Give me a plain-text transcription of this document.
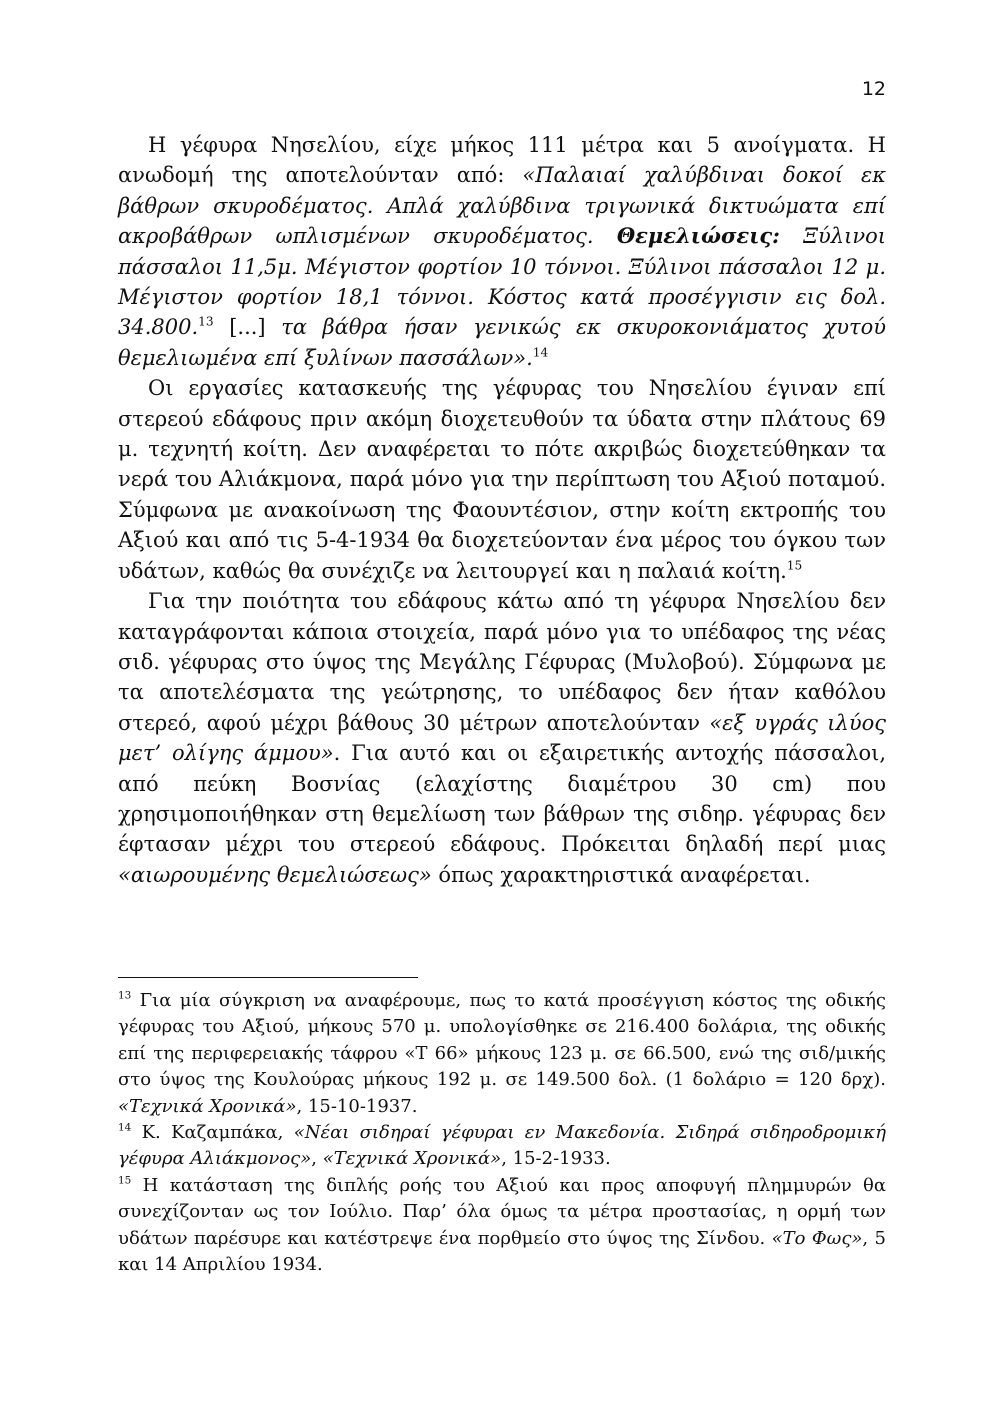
12

Η γέφυρα Νησελίου, είχε μήκος 111 μέτρα και 5 ανοίγματα. Η ανωδομή της αποτελούνταν από: «Παλαιαί χαλύβδιναι δοκοί εκ βάθρων σκυροδέματος. Απλά χαλύβδινα τριγωνικά δικτυώματα επί ακροβάθρων ωπλισμένων σκυροδέματος. Θεμελιώσεις: Ξύλινοι πάσσαλοι 11,5μ. Μέγιστον φορτίον 10 τόννοι. Ξύλινοι πάσσαλοι 12 μ. Μέγιστον φορτίον 18,1 τόννοι. Κόστος κατά προσέγγισιν εις δολ. 34.800.13 [...] τα βάθρα ήσαν γενικώς εκ σκυροκονιάματος χυτού θεμελιωμένα επί ξυλίνων πασσάλων».$^{14}$

Οι εργασίες κατασκευής της γέφυρας του Νησελίου έγιναν επί στερεού εδάφους πριν ακόμη διοχετευθούν τα ύδατα στην πλάτους 69 μ. τεχνητή κοίτη. Δεν αναφέρεται το πότε ακριβώς διοχετεύθηκαν τα νερά του Αλιάκμονα, παρά μόνο για την περίπτωση του Αξιού ποταμού. Σύμφωνα με ανακοίνωση της Φαουντέσιον, στην κοίτη εκτροπής του Αξιού και από τις 5-4-1934 θα διοχετεύονταν ένα μέρος του όγκου των υδάτων, καθώς θα συνέχιζε να λειτουργεί και η παλαιά κοίτη.$^{15}$

Για την ποιότητα του εδάφους κάτω από τη γέφυρα Νησελίου δεν καταγράφονται κάποια στοιχεία, παρά μόνο για το υπέδαφος της νέας σιδ. γέφυρας στο ύψος της Μεγάλης Γέφυρας (Μυλοβού). Σύμφωνα με τα αποτελέσματα της γεώτρησης, το υπέδαφος δεν ήταν καθόλου στερεό, αφού μέχρι βάθους 30 μέτρων αποτελούνταν «εξ υγράς ιλύος μετ’ ολίγης άμμου». Για αυτό και οι εξαιρετικής αντοχής πάσσαλοι, από πεύκη Βοσνίας (ελαχίστης διαμέτρου 30 cm) που χρησιμοποιήθηκαν στη θεμελίωση των βάθρων της σιδηρ. γέφυρας δεν έφτασαν μέχρι του στερεού εδάφους. Πρόκειται δηλαδή περί μιας «αιωρουμένης θεμελιώσεως» όπως χαρακτηριστικά αναφέρεται.

$^{13}$ Για μία σύγκριση να αναφέρουμε, πως το κατά προσέγγιση κόστος της οδικής γέφυρας του Αξιού, μήκους 570 μ. υπολογίσθηκε σε 216.400 δολάρια, της οδικής επί της περιφερειακής τάφρου «Τ 66» μήκους 123 μ. σε 66.500, ενώ της σιδ/μικής στο ύψος της Κουλούρας μήκους 192 μ. σε 149.500 δολ. (1 δολάριο = 120 δρχ). «Τεχνικά Χρονικά», 15-10-1937.

$^{14}$ Κ. Καζαμπάκα, «Νέαι σιδηραί γέφυραι εν Μακεδονία. Σιδηρά σιδηροδρομική γέφυρα Αλιάκμονος», «Τεχνικά Χρονικά», 15-2-1933.

$^{15}$ Η κατάσταση της διπλής ροής του Αξιού και προς αποφυγή πλημμυρών θα συνεχίζονταν ως τον Ιούλιο. Παρ’ όλα όμως τα μέτρα προστασίας, η ορμή των υδάτων παρέσυρε και κατέστρεψε ένα πορθμείο στο ύψος της Σίνδου. «Το Φως», 5 και 14 Απριλίου 1934.
